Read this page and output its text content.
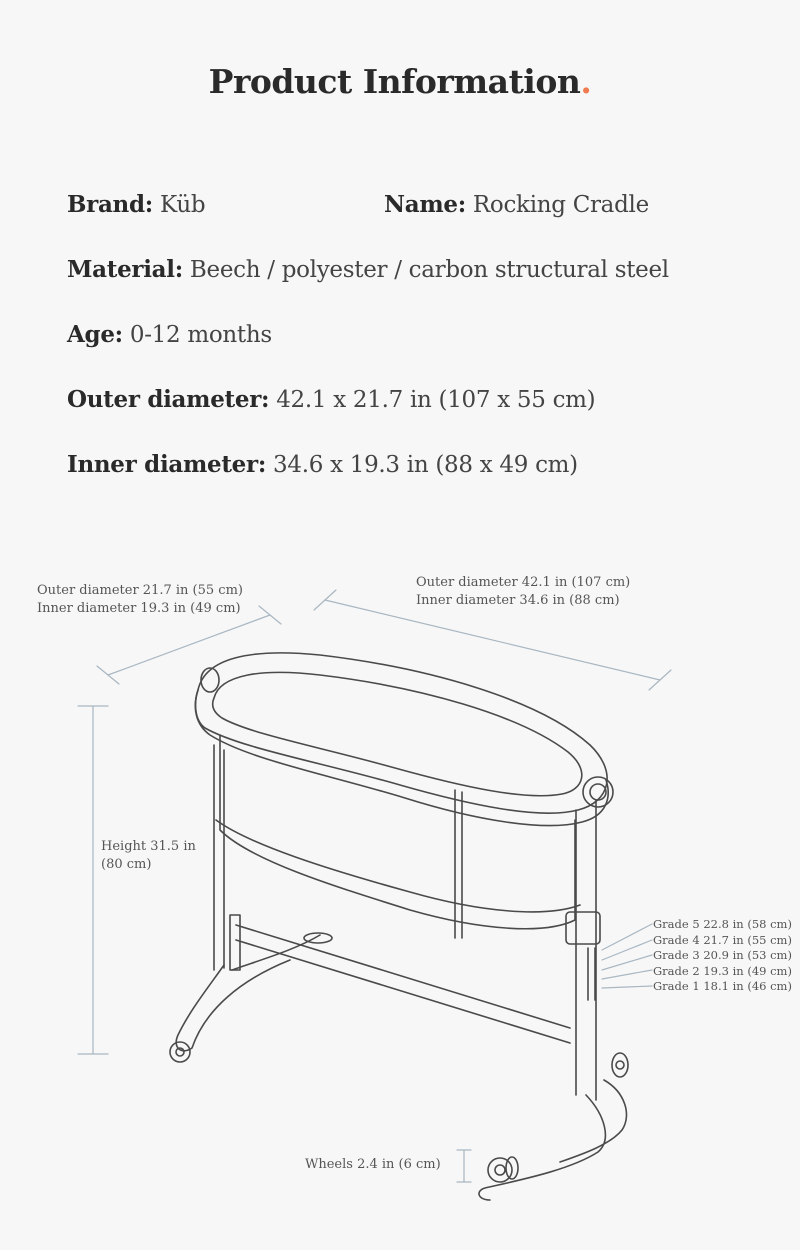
Product Information.
Brand: Küb	Name: Rocking Cradle
Material: Beech / polyester / carbon structural steel
Age: 0-12 months
Outer diameter: 42.1 x 21.7 in (107 x 55 cm)
Inner diameter: 34.6 x 19.3 in (88 x 49 cm)
Outer diameter 21.7 in (55 cm)
Inner diameter 19.3 in (49 cm)
Outer diameter 42.1 in (107 cm)
Inner diameter 34.6 in (88 cm)
Height 31.5 in
(80 cm)
Grade 5 22.8 in (58 cm)
Grade 4 21.7 in (55 cm)
Grade 3 20.9 in (53 cm)
Grade 2 19.3 in (49 cm)
Grade 1 18.1 in (46 cm)
Wheels 2.4 in (6 cm)
